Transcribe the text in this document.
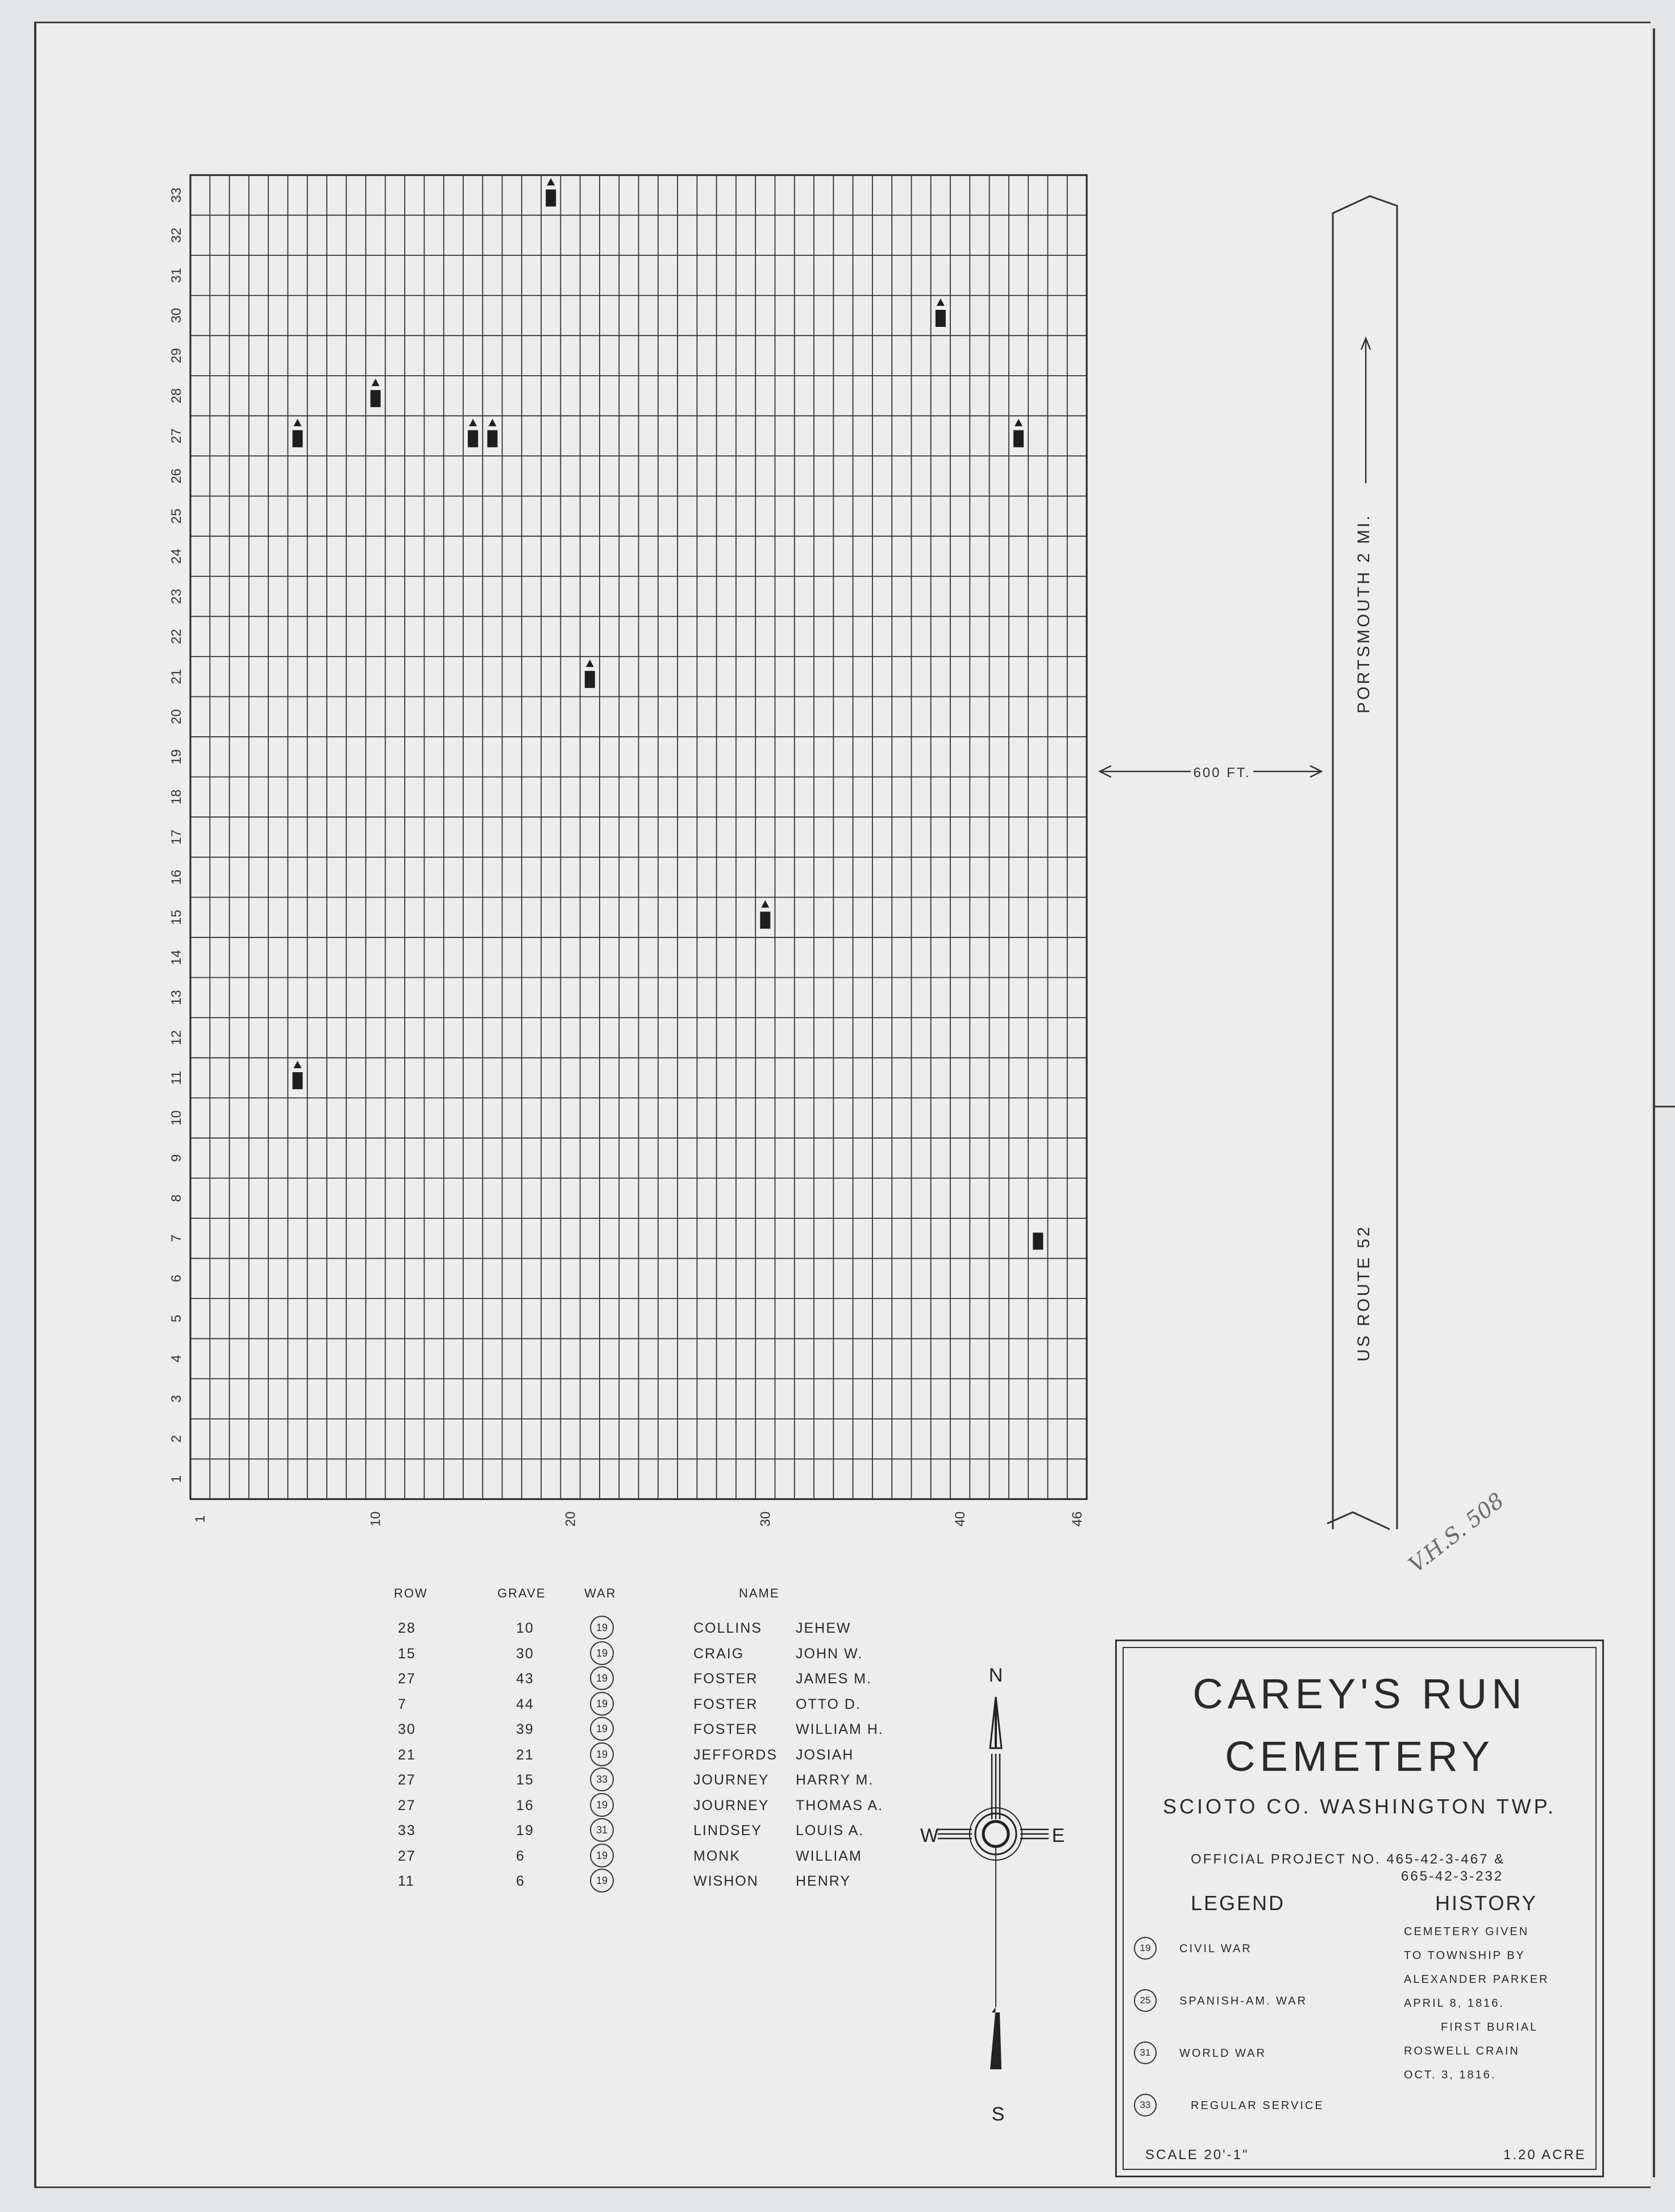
1
2
3
4
5
6
7
8
9
10
11
12
13
14
15
16
17
18
19
20
21
22
23
24
25
26
27
28
29
30
31
32
33
1	10	20	30	40	46
600 FT.
N
S
W	E
PORTSMOUTH 2 MI.
US ROUTE 52
ROW	GRAVE	WAR	NAME
28	10	19	COLLINS JEHEW
15	30	19	CRAIG	JOHN W.
27	43	19	FOSTER	JAMES M.
7	44	19	FOSTER	OTTO D.
30	39	19	FOSTER	WILLIAM H.
21	21	19	JEFFORDS JOSIAH
27	15	33	JOURNEY HARRY M.
27	16	19	JOURNEY THOMAS A.
33	19	31	LINDSEY LOUIS A.
27	6	19	MONK	WILLIAM
11	6	19	WISHON	HENRY
CAREY'S RUN
CEMETERY
SCIOTO CO. WASHINGTON TWP.
OFFICIAL PROJECT NO. 465-42-3-467 &
665-42-3-232
LEGEND	HISTORY
19	CIVIL WAR
25	SPANISH-AM. WAR
31	WORLD WAR
33	REGULAR SERVICE
CEMETERY GIVEN
TO TOWNSHIP BY
ALEXANDER PARKER
APRIL 8, 1816.
FIRST BURIAL
ROSWELL CRAIN
OCT. 3, 1816.
SCALE 20'-1"	1.20 ACRE
V.H.S. 508
